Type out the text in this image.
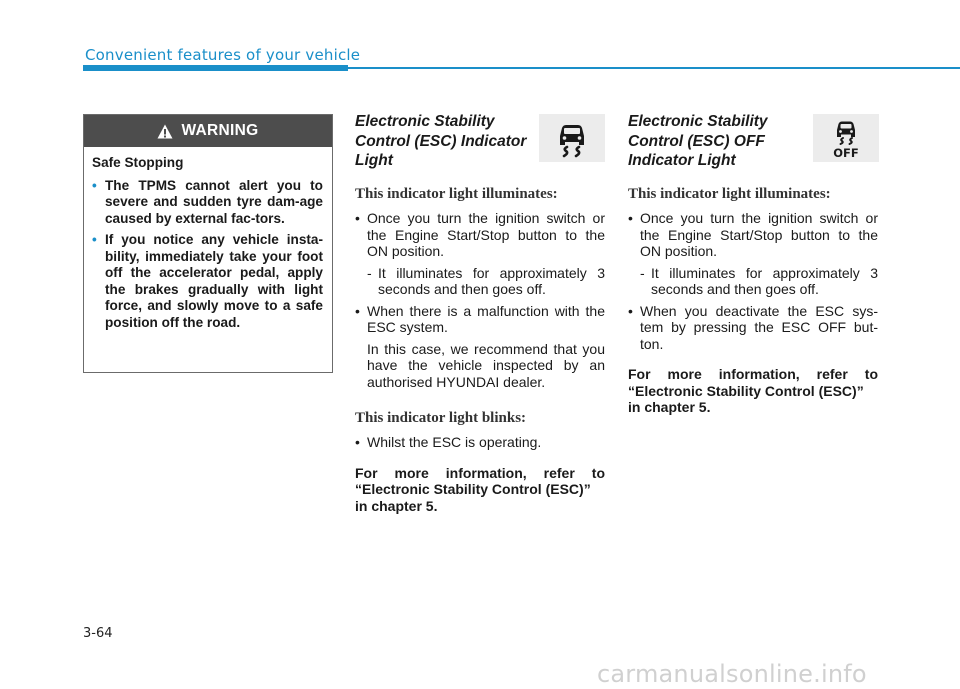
Convenient features of your vehicle
WARNING
Safe Stopping
• The TPMS cannot alert you to severe and sudden tyre dam-age caused by external fac-tors.
• If you notice any vehicle insta-bility, immediately take your foot off the accelerator pedal, apply the brakes gradually with light force, and slowly move to a safe position off the road.
Electronic Stability Control (ESC) Indicator Light
This indicator light illuminates:
• Once you turn the ignition switch or the Engine Start/Stop button to the ON position.
- It illuminates for approximately 3 seconds and then goes off.
• When there is a malfunction with the ESC system.
In this case, we recommend that you have the vehicle inspected by an authorised HYUNDAI dealer.
This indicator light blinks:
• Whilst the ESC is operating.
For more information, refer to
“Electronic Stability Control (ESC)” in chapter 5.
Electronic Stability Control (ESC) OFF Indicator Light	OFF
This indicator light illuminates:
• Once you turn the ignition switch or the Engine Start/Stop button to the ON position.
- It illuminates for approximately 3 seconds and then goes off.
• When you deactivate the ESC sys-tem by pressing the ESC OFF but-ton.
For more information, refer to
“Electronic Stability Control (ESC)” in chapter 5.
3-64
carmanualsonline.info
